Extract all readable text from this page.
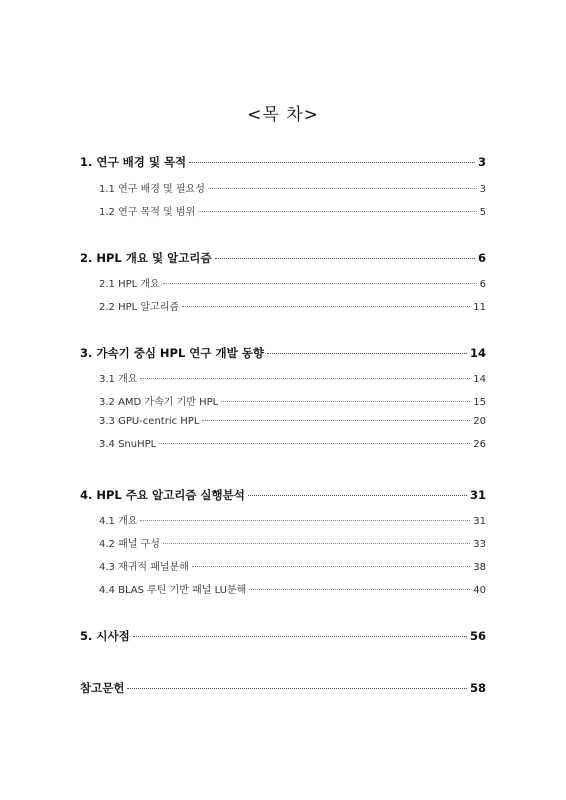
<목 차>
1. 연구 배경 및 목적	3
1.1 연구 배경 및 필요성	3
1.2 연구 목적 및 범위	5
2. HPL 개요 및 알고리즘	6
2.1 HPL 개요	6
2.2 HPL 알고리즘	11
3. 가속기 중심 HPL 연구 개발 동향	14
3.1 개요	14
3.2 AMD 가속기 기반 HPL	15
3.3 GPU-centric HPL	20
3.4 SnuHPL	26
4. HPL 주요 알고리즘 실행분석	31
4.1 개요	31
4.2 패널 구성	33
4.3 재귀적 패널분해	38
4.4 BLAS 루틴 기반 패널 LU분해	40
5. 시사점	56
참고문헌	58
